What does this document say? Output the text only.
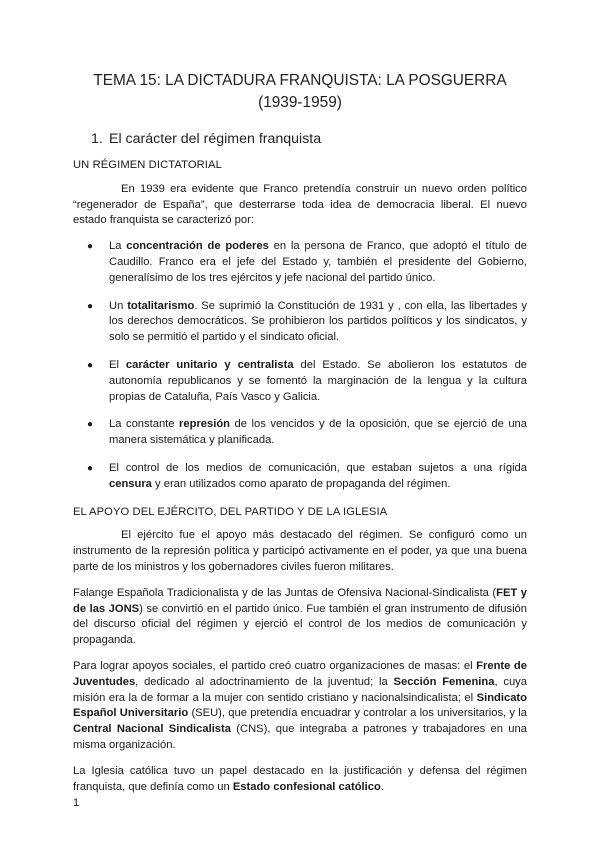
TEMA 15: LA DICTADURA FRANQUISTA: LA POSGUERRA
(1939-1959)
1. El carácter del régimen franquista
UN RÉGIMEN DICTATORIAL

En 1939 era evidente que Franco pretendía construir un nuevo orden político “regenerador de España”, que desterrarse toda idea de democracia liberal. El nuevo estado franquista se caracterizó por:

● La concentración de poderes en la persona de Franco, que adoptó el título de Caudillo. Franco era el jefe del Estado y, también el presidente del Gobierno, generalísimo de los tres ejércitos y jefe nacional del partido único.
● Un totalitarismo. Se suprimió la Constitución de 1931 y , con ella, las libertades y los derechos democráticos. Se prohibieron los partidos políticos y los sindicatos, y solo se permitió el partido y el sindicato oficial.
● El carácter unitario y centralista del Estado. Se abolieron los estatutos de autonomía republicanos y se fomentó la marginación de la lengua y la cultura propias de Cataluña, País Vasco y Galicia.
● La constante represión de los vencidos y de la oposición, que se ejerció de una manera sistemática y planificada.
● El control de los medios de comunicación, que estaban sujetos a una rígida censura y eran utilizados como aparato de propaganda del régimen.
EL APOYO DEL EJÉRCITO, DEL PARTIDO Y DE LA IGLESIA

El ejército fue el apoyo más destacado del régimen. Se configuró como un instrumento de la represión política y participó activamente en el poder, ya que una buena parte de los ministros y los gobernadores civiles fueron militares.

Falange Española Tradicionalista y de las Juntas de Ofensiva Nacional-Sindicalista (FET y de las JONS) se convirtió en el partido único. Fue también el gran instrumento de difusión del discurso oficial del régimen y ejerció el control de los medios de comunicación y propaganda.

Para lograr apoyos sociales, el partido creó cuatro organizaciones de masas: el Frente de Juventudes, dedicado al adoctrinamiento de la juventud; la Sección Femenina, cuya misión era la de formar a la mujer con sentido cristiano y nacionalsindicalista; el Sindicato Español Universitario (SEU), que pretendía encuadrar y controlar a los universitarios, y la Central Nacional Sindicalista (CNS), que integraba a patrones y trabajadores en una misma organización.

La Iglesia católica tuvo un papel destacado en la justificación y defensa del régimen franquista, que definía como un Estado confesional católico.

1
